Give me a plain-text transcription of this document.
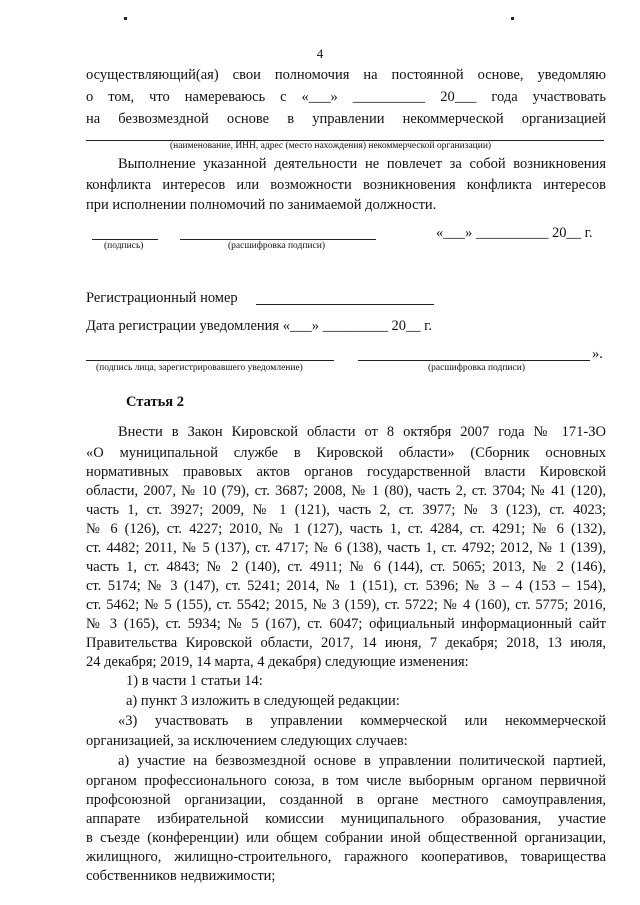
4
осуществляющий(ая) свои полномочия на постоянной основе, уведомляю
о том, что намереваюсь с «___» __________ 20___ года участвовать
на безвозмездной основе в управлении некоммерческой организацией
(наименование, ИНН, адрес (место нахождения) некоммерческой организации)
Выполнение указанной деятельности не повлечет за собой возникновения
конфликта интересов или возможности возникновения конфликта интересов
при исполнении полномочий по занимаемой должности.
«___» __________ 20__ г.
(подпись)	(расшифровка подписи)
Регистрационный номер
Дата регистрации уведомления «___» _________ 20__ г.
».
(подпись лица, зарегистрировавшего уведомление)	(расшифровка подписи)
Статья 2
Внести в Закон Кировской области от 8 октября 2007 года № 171-ЗО
«О муниципальной службе в Кировской области» (Сборник основных
нормативных правовых актов органов государственной власти Кировской
области, 2007, № 10 (79), ст. 3687; 2008, № 1 (80), часть 2, ст. 3704; № 41 (120),
часть 1, ст. 3927; 2009, № 1 (121), часть 2, ст. 3977; № 3 (123), ст. 4023;
№ 6 (126), ст. 4227; 2010, № 1 (127), часть 1, ст. 4284, ст. 4291; № 6 (132),
ст. 4482; 2011, № 5 (137), ст. 4717; № 6 (138), часть 1, ст. 4792; 2012, № 1 (139),
часть 1, ст. 4843; № 2 (140), ст. 4911; № 6 (144), ст. 5065; 2013, № 2 (146),
ст. 5174; № 3 (147), ст. 5241; 2014, № 1 (151), ст. 5396; № 3 – 4 (153 – 154),
ст. 5462; № 5 (155), ст. 5542; 2015, № 3 (159), ст. 5722; № 4 (160), ст. 5775; 2016,
№ 3 (165), ст. 5934; № 5 (167), ст. 6047; официальный информационный сайт
Правительства Кировской области, 2017, 14 июня, 7 декабря; 2018, 13 июля,
24 декабря; 2019, 14 марта, 4 декабря) следующие изменения:
1) в части 1 статьи 14:
а) пункт 3 изложить в следующей редакции:
«3) участвовать в управлении коммерческой или некоммерческой
организацией, за исключением следующих случаев:
а) участие на безвозмездной основе в управлении политической партией,
органом профессионального союза, в том числе выборным органом первичной
профсоюзной организации, созданной в органе местного самоуправления,
аппарате избирательной комиссии муниципального образования, участие
в съезде (конференции) или общем собрании иной общественной организации,
жилищного, жилищно-строительного, гаражного кооперативов, товарищества
собственников недвижимости;
